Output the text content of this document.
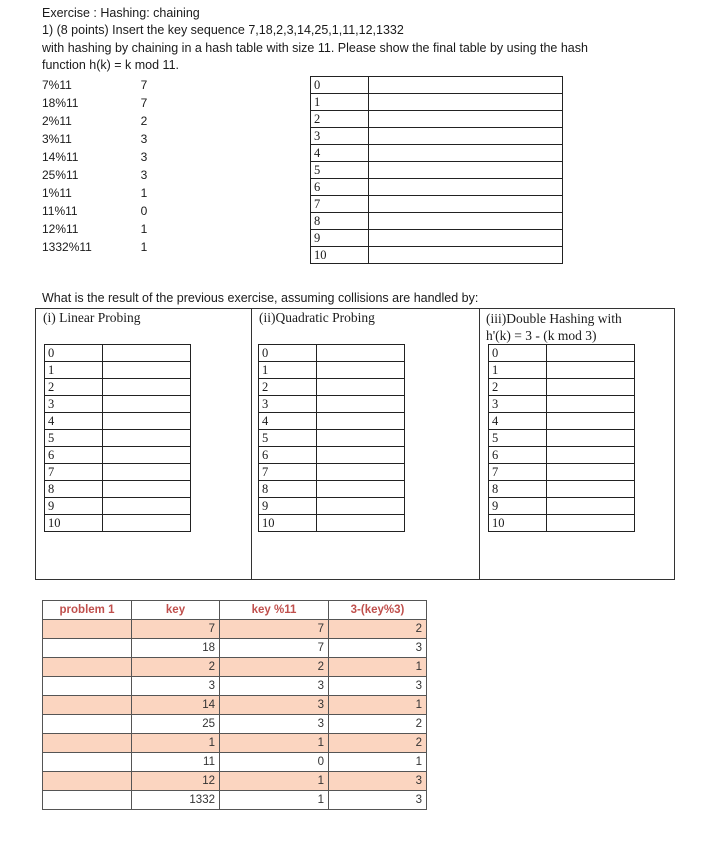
Exercise : Hashing: chaining
1) (8 points) Insert the key sequence 7,18,2,3,14,25,1,11,12,1332
with hashing by chaining in a hash table with size 11. Please show the final table by using the hash
function h(k) = k mod 11.
7%11	7
18%11	7
2%11	2
3%11	3
14%11	3
25%11	3
1%11	1
11%11	0
12%11	1
1332%11	1
0	
1	
2	
3	
4	
5	
6	
7	
8	
9	
10	
What is the result of the previous exercise, assuming collisions are handled by:
(i) Linear Probing	(ii)Quadratic Probing	(iii)Double Hashing with
h'(k) = 3 - (k mod 3)
0	
1	
2	
3	
4	
5	
6	
7	
8	
9	
10	
0	
1	
2	
3	
4	
5	
6	
7	
8	
9	
10	
0	
1	
2	
3	
4	
5	
6	
7	
8	
9	
10	
problem 1	key	key %11	3-(key%3)
	7	7	2
	18	7	3
	2	2	1
	3	3	3
	14	3	1
	25	3	2
	1	1	2
	11	0	1
	12	1	3
	1332	1	3
